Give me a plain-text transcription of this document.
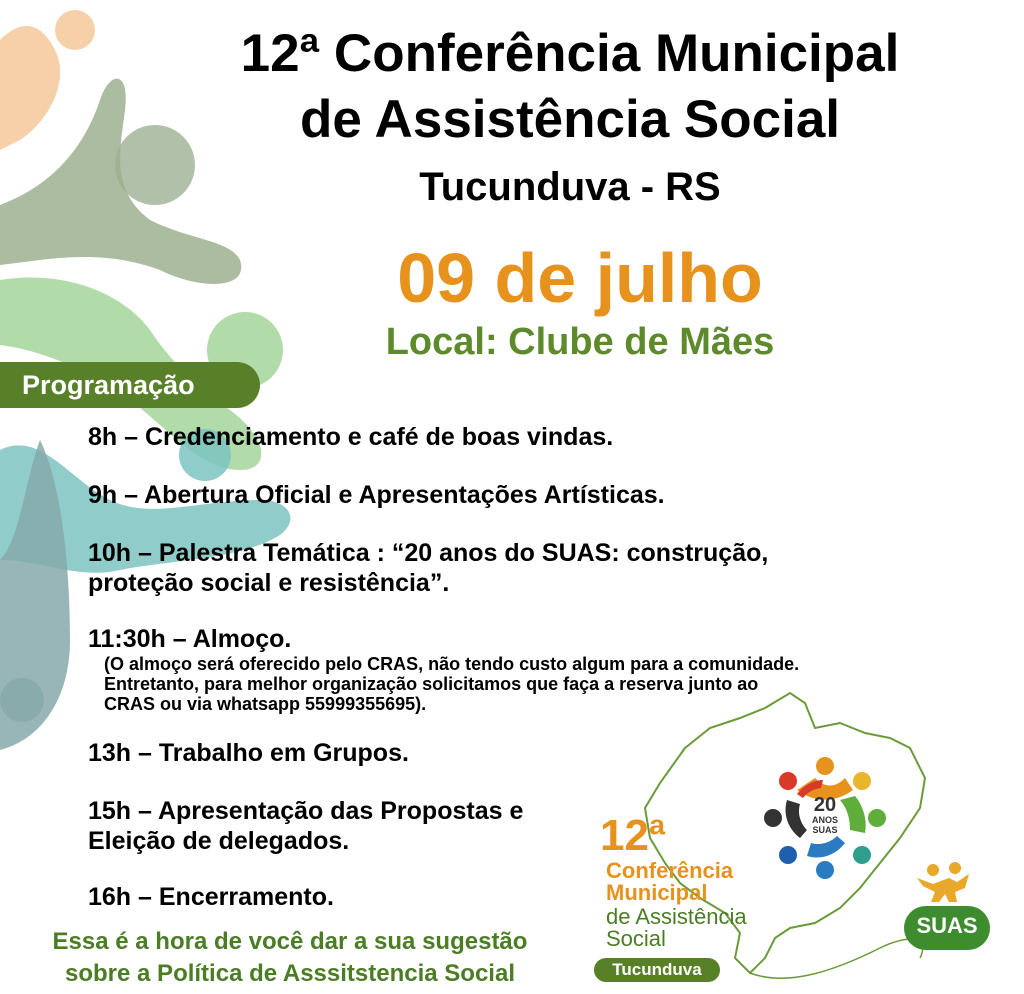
12ª Conferência Municipal
de Assistência Social
Tucunduva - RS
09 de julho
Local: Clube de Mães
Programação
8h – Credenciamento e café de boas vindas.
9h – Abertura Oficial e Apresentações Artísticas.
10h – Palestra Temática : “20 anos do SUAS: construção,
proteção social e resistência”.
11:30h – Almoço.
(O almoço será oferecido pelo CRAS, não tendo custo algum para a comunidade.
Entretanto, para melhor organização solicitamos que faça a reserva junto ao
CRAS ou via whatsapp 55999355695).
13h – Trabalho em Grupos.
15h – Apresentação das Propostas e
Eleição de delegados.
16h – Encerramento.
Essa é a hora de você dar a sua sugestão
sobre a Política de Asssitstencia Social
12ª
Conferência
Municipal
de Assistência
Social
Tucunduva
20
ANOS SUAS
SUAS
